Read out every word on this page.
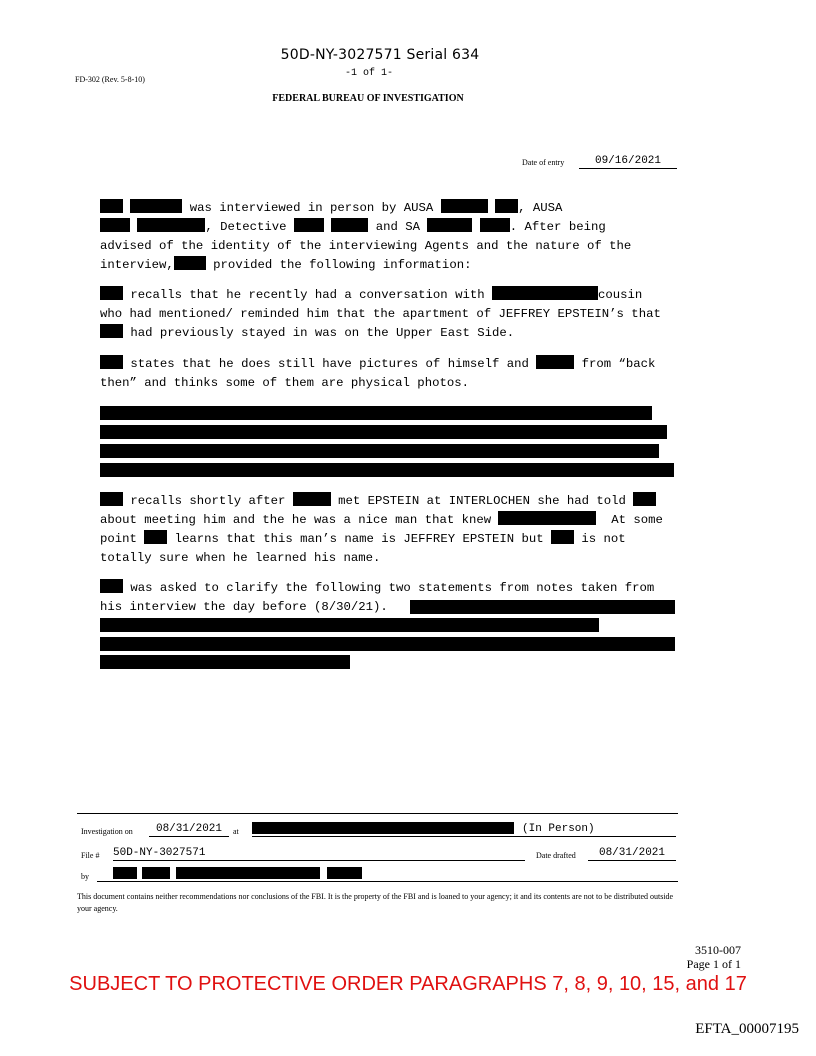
50D-NY-3027571 Serial 634
-1 of 1-
FD-302 (Rev. 5-8-10)
FEDERAL BUREAU OF INVESTIGATION
Date of entry	09/16/2021
was interviewed in person by AUSA	, AUSA
, Detective	and SA	. After being
advised of the identity of the interviewing Agents and the nature of the
interview,	provided the following information:
recalls that he recently had a conversation with	cousin
who had mentioned/ reminded him that the apartment of JEFFREY EPSTEIN’s that
had previously stayed in was on the Upper East Side.
states that he does still have pictures of himself and	from “back
then” and thinks some of them are physical photos.
recalls shortly after	met EPSTEIN at INTERLOCHEN she had told
about meeting him and the he was a nice man that knew	At some
point  learns that this man’s name is JEFFREY EPSTEIN but  is not
totally sure when he learned his name.
was asked to clarify the following two statements from notes taken from
his interview the day before (8/30/21).
Investigation on	08/31/2021	at	(In Person)
File # 50D-NY-3027571	Date drafted	08/31/2021
by
This document contains neither recommendations nor conclusions of the FBI. It is the property of the FBI and is loaned to your agency; it and its contents are not to be distributed outside your agency.
3510-007
Page 1 of 1
SUBJECT TO PROTECTIVE ORDER PARAGRAPHS 7, 8, 9, 10, 15, and 17
EFTA_00007195
